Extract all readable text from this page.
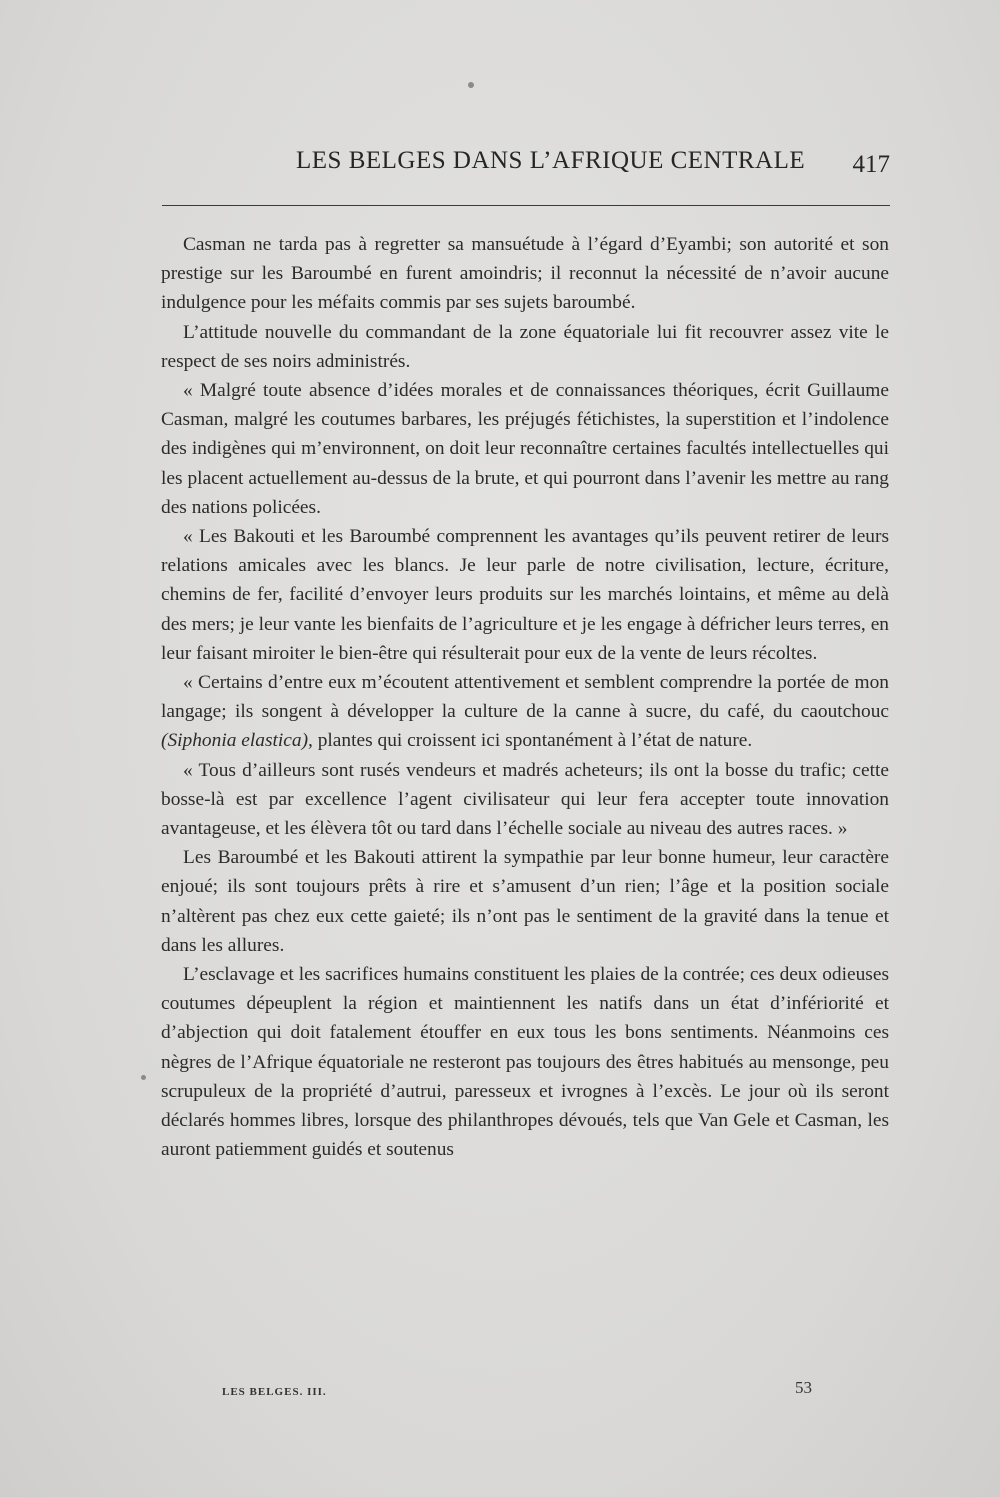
LES BELGES DANS L’AFRIQUE CENTRALE 417

Casman ne tarda pas à regretter sa mansuétude à l’égard d’Eyambi; son autorité et son prestige sur les Baroumbé en furent amoindris; il reconnut la nécessité de n’avoir aucune indulgence pour les méfaits commis par ses sujets baroumbé.

L’attitude nouvelle du commandant de la zone équatoriale lui fit recouvrer assez vite le respect de ses noirs administrés.

« Malgré toute absence d’idées morales et de connaissances théoriques, écrit Guillaume Casman, malgré les coutumes barbares, les préjugés fétichistes, la superstition et l’indolence des indigènes qui m’environnent, on doit leur reconnaître certaines facultés intellectuelles qui les placent actuellement au-dessus de la brute, et qui pourront dans l’avenir les mettre au rang des nations policées.

« Les Bakouti et les Baroumbé comprennent les avantages qu’ils peuvent retirer de leurs relations amicales avec les blancs. Je leur parle de notre civilisation, lecture, écriture, chemins de fer, facilité d’envoyer leurs produits sur les marchés lointains, et même au delà des mers; je leur vante les bienfaits de l’agriculture et je les engage à défricher leurs terres, en leur faisant miroiter le bien-être qui résulterait pour eux de la vente de leurs récoltes.

« Certains d’entre eux m’écoutent attentivement et semblent comprendre la portée de mon langage; ils songent à développer la culture de la canne à sucre, du café, du caoutchouc (Siphonia elastica), plantes qui croissent ici spontanément à l’état de nature.

« Tous d’ailleurs sont rusés vendeurs et madrés acheteurs; ils ont la bosse du trafic; cette bosse-là est par excellence l’agent civilisateur qui leur fera accepter toute innovation avantageuse, et les élèvera tôt ou tard dans l’échelle sociale au niveau des autres races. »

Les Baroumbé et les Bakouti attirent la sympathie par leur bonne humeur, leur caractère enjoué; ils sont toujours prêts à rire et s’amusent d’un rien; l’âge et la position sociale n’altèrent pas chez eux cette gaieté; ils n’ont pas le sentiment de la gravité dans la tenue et dans les allures.

L’esclavage et les sacrifices humains constituent les plaies de la contrée; ces deux odieuses coutumes dépeuplent la région et maintiennent les natifs dans un état d’infériorité et d’abjection qui doit fatalement étouffer en eux tous les bons sentiments. Néanmoins ces nègres de l’Afrique équatoriale ne resteront pas toujours des êtres habitués au mensonge, peu scrupuleux de la propriété d’autrui, paresseux et ivrognes à l’excès. Le jour où ils seront déclarés hommes libres, lorsque des philanthropes dévoués, tels que Van Gele et Casman, les auront patiemment guidés et soutenus

LES BELGES. III.	53
